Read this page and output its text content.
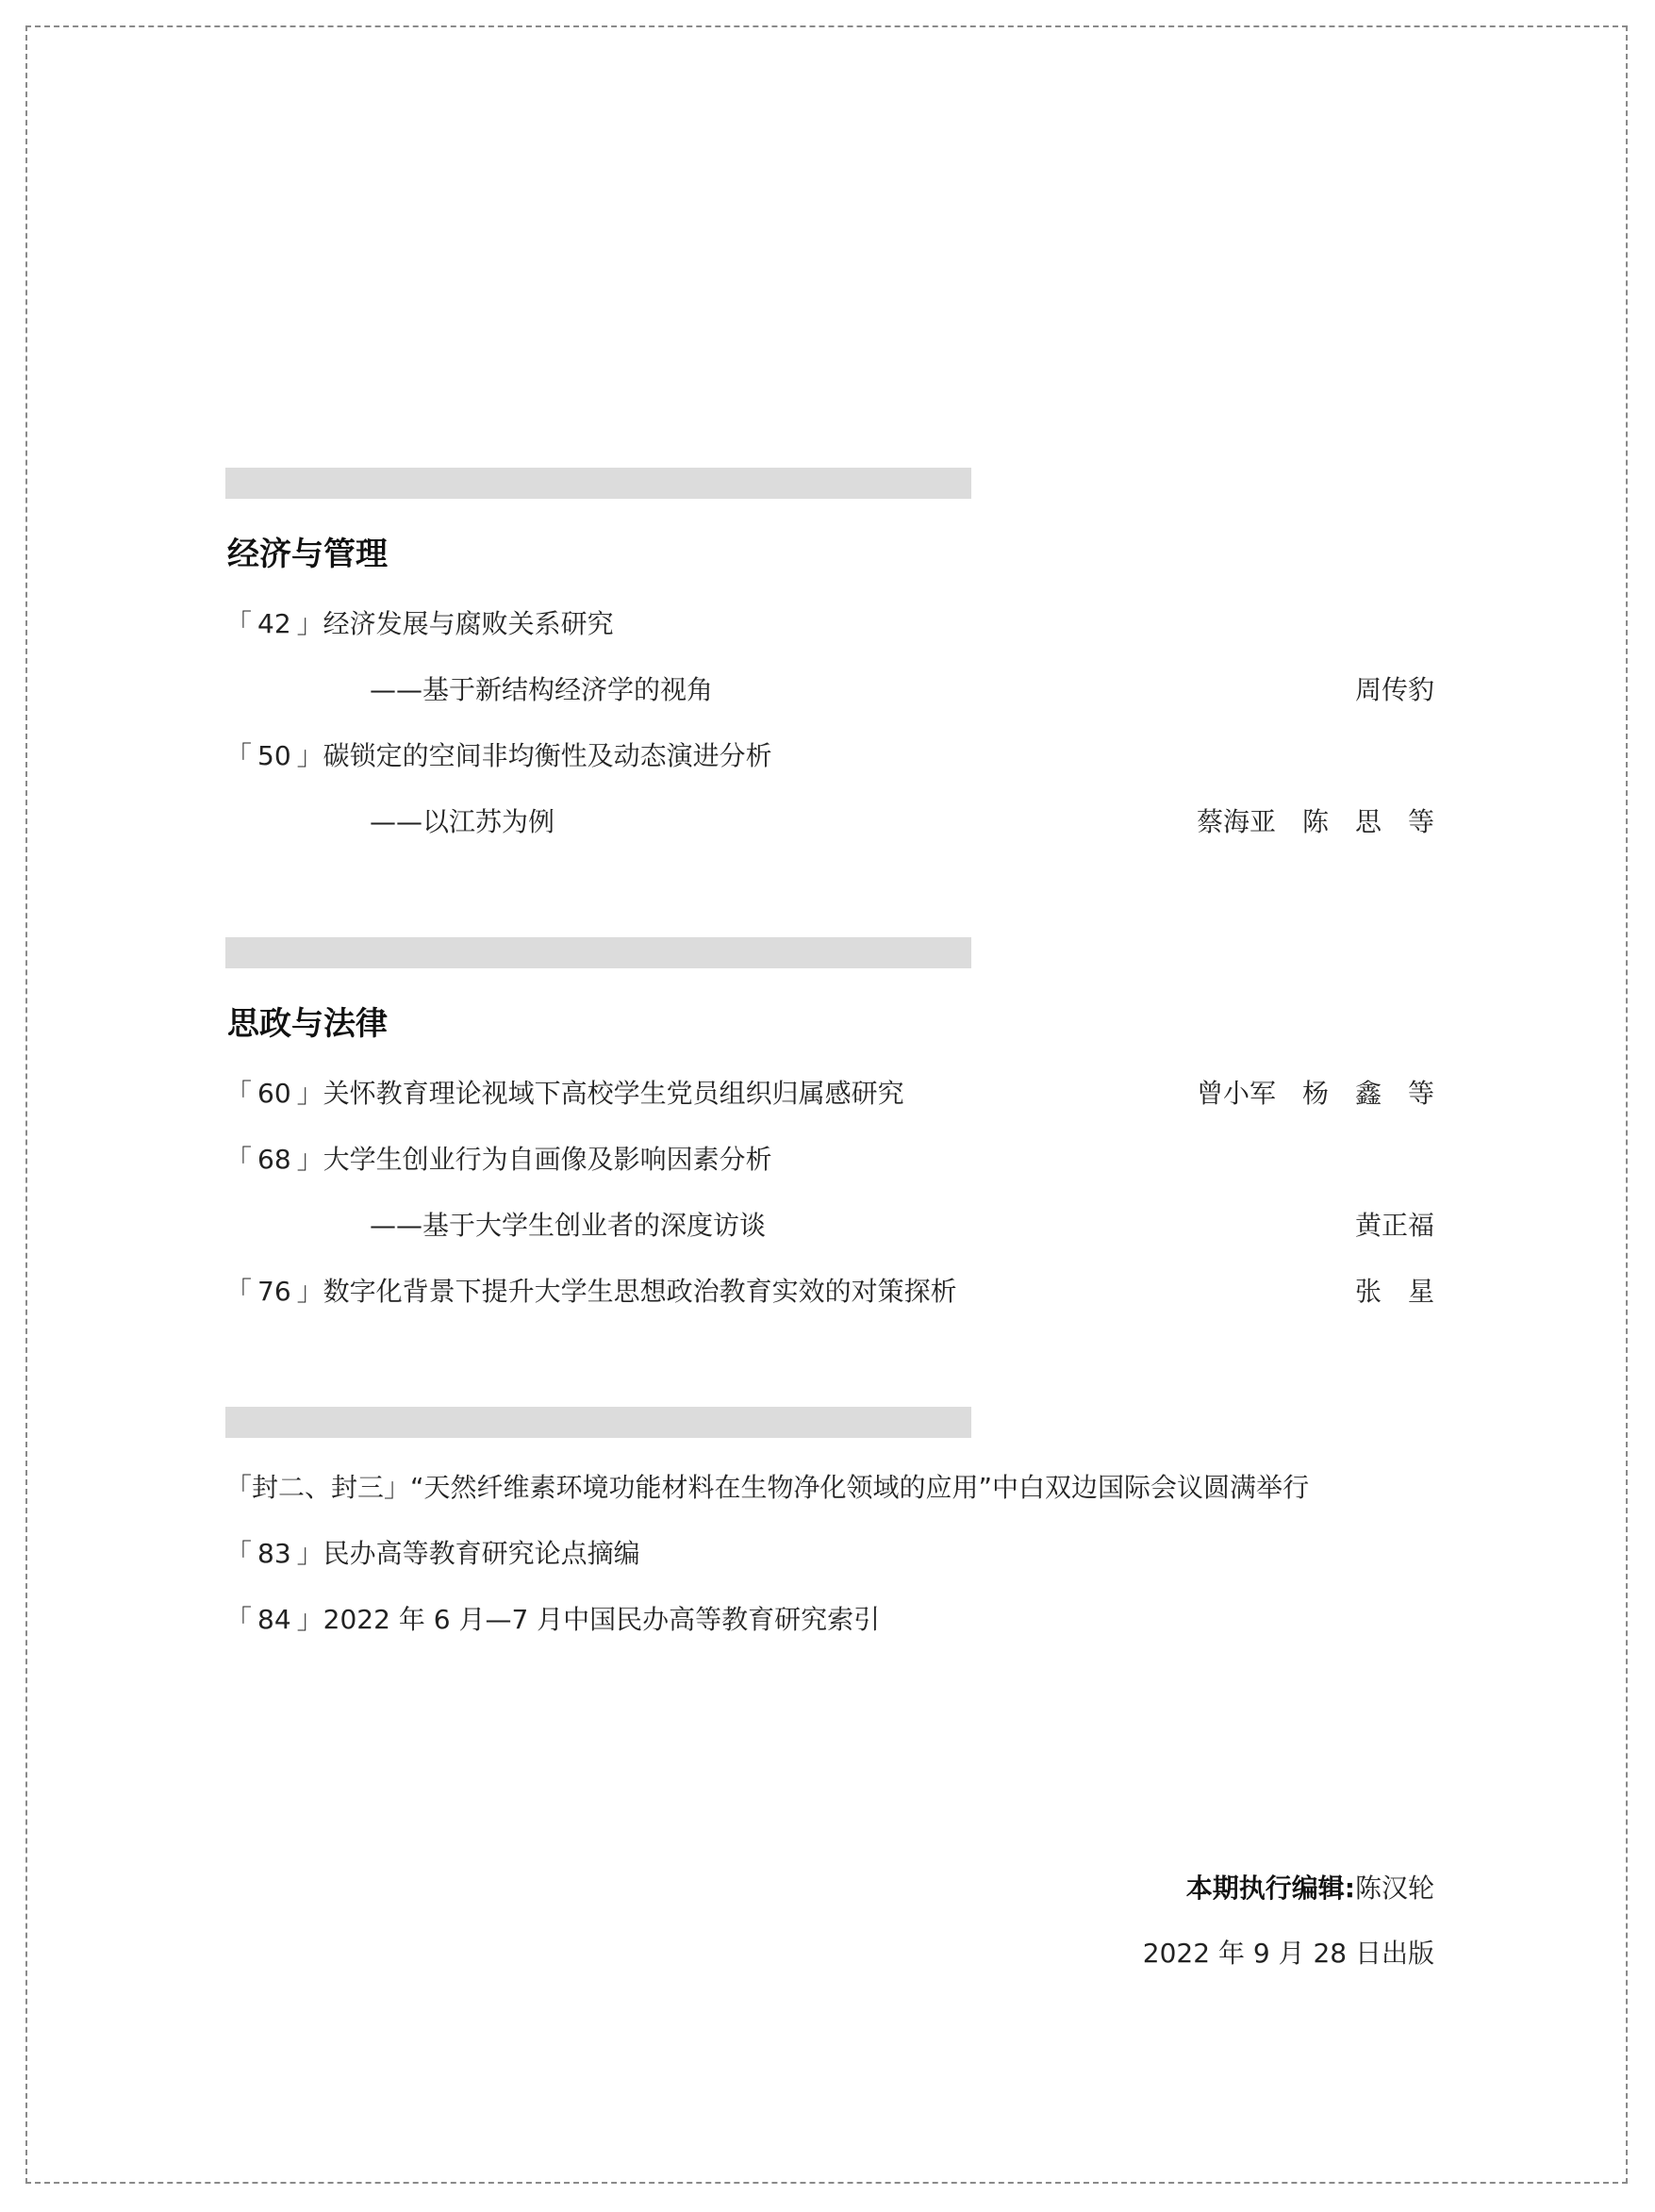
经济与管理
「 42 」经济发展与腐败关系研究
——基于新结构经济学的视角	周传豹
「 50 」碳锁定的空间非均衡性及动态演进分析
——以江苏为例	蔡海亚　陈　思　等
思政与法律
「 60 」关怀教育理论视域下高校学生党员组织归属感研究	曾小军　杨　鑫　等
「 68 」大学生创业行为自画像及影响因素分析
——基于大学生创业者的深度访谈	黄正福
「 76 」数字化背景下提升大学生思想政治教育实效的对策探析	张　星
「封二、封三」“天然纤维素环境功能材料在生物净化领域的应用”中白双边国际会议圆满举行
「 83 」民办高等教育研究论点摘编
「 84 」2022 年 6 月—7 月中国民办高等教育研究索引
本期执行编辑:陈汉轮
2022 年 9 月 28 日出版
